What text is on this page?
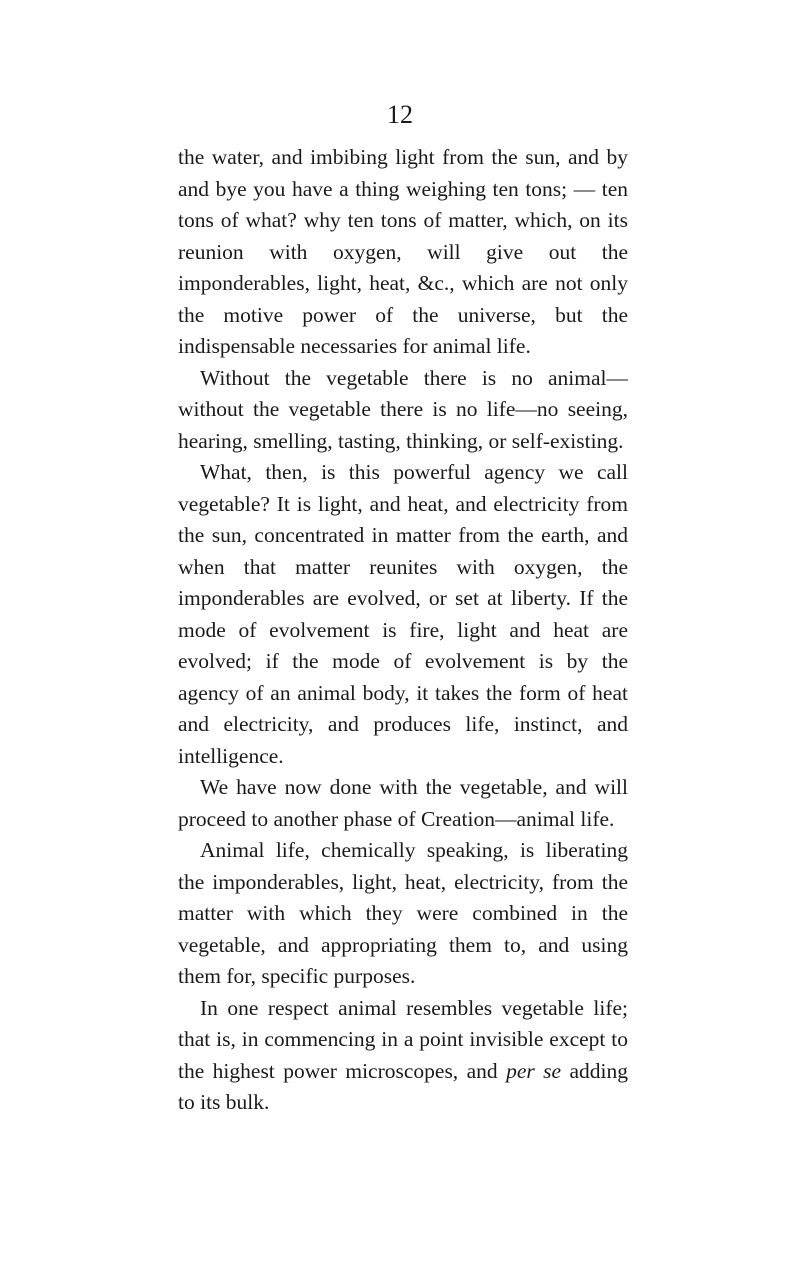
12

the water, and imbibing light from the sun, and by and bye you have a thing weighing ten tons; — ten tons of what? why ten tons of matter, which, on its reunion with oxygen, will give out the imponderables, light, heat, &c., which are not only the motive power of the universe, but the indispensable necessaries for animal life.

Without the vegetable there is no animal— without the vegetable there is no life—no seeing, hearing, smelling, tasting, thinking, or self-existing.

What, then, is this powerful agency we call vegetable? It is light, and heat, and electricity from the sun, concentrated in matter from the earth, and when that matter reunites with oxygen, the imponderables are evolved, or set at liberty. If the mode of evolvement is fire, light and heat are evolved; if the mode of evolvement is by the agency of an animal body, it takes the form of heat and electricity, and produces life, instinct, and intelligence.

We have now done with the vegetable, and will proceed to another phase of Creation—animal life.

Animal life, chemically speaking, is liberating the imponderables, light, heat, electricity, from the matter with which they were combined in the vegetable, and appropriating them to, and using them for, specific purposes.

In one respect animal resembles vegetable life; that is, in commencing in a point invisible except to the highest power microscopes, and per se adding to its bulk.
